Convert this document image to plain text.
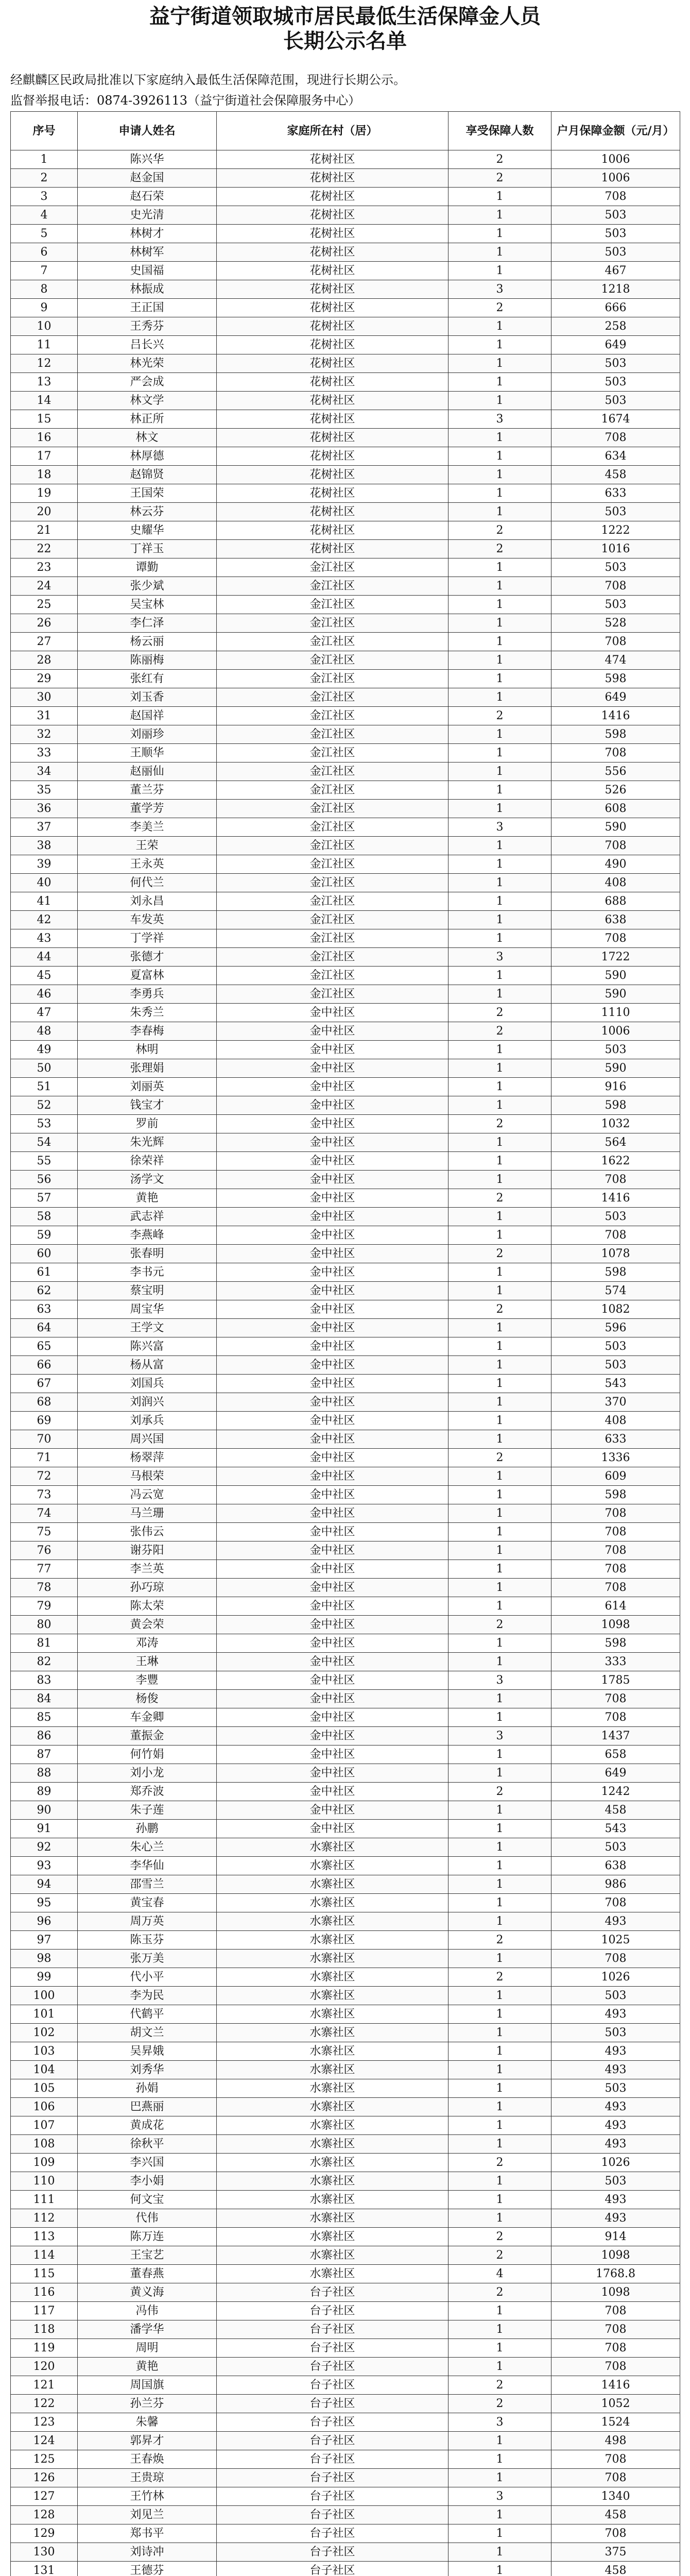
益宁街道领取城市居民最低生活保障金人员
长期公示名单
经麒麟区民政局批准以下家庭纳入最低生活保障范围，现进行长期公示。
监督举报电话：0874-3926113（益宁街道社会保障服务中心）
序号	申请人姓名	家庭所在村（居）	享受保障人数	户月保障金额（元/月）
1	陈兴华	花树社区	2	1006
2	赵金国	花树社区	2	1006
3	赵石荣	花树社区	1	708
4	史光清	花树社区	1	503
5	林树才	花树社区	1	503
6	林树军	花树社区	1	503
7	史国福	花树社区	1	467
8	林振成	花树社区	3	1218
9	王正国	花树社区	2	666
10	王秀芬	花树社区	1	258
11	吕长兴	花树社区	1	649
12	林光荣	花树社区	1	503
13	严会成	花树社区	1	503
14	林文学	花树社区	1	503
15	林正所	花树社区	3	1674
16	林文	花树社区	1	708
17	林厚德	花树社区	1	634
18	赵锦贤	花树社区	1	458
19	王国荣	花树社区	1	633
20	林云芬	花树社区	1	503
21	史耀华	花树社区	2	1222
22	丁祥玉	花树社区	2	1016
23	谭勤	金江社区	1	503
24	张少斌	金江社区	1	708
25	吴宝林	金江社区	1	503
26	李仁泽	金江社区	1	528
27	杨云丽	金江社区	1	708
28	陈丽梅	金江社区	1	474
29	张红有	金江社区	1	598
30	刘玉香	金江社区	1	649
31	赵国祥	金江社区	2	1416
32	刘丽珍	金江社区	1	598
33	王顺华	金江社区	1	708
34	赵丽仙	金江社区	1	556
35	董兰芬	金江社区	1	526
36	董学芳	金江社区	1	608
37	李美兰	金江社区	3	590
38	王荣	金江社区	1	708
39	王永英	金江社区	1	490
40	何代兰	金江社区	1	408
41	刘永昌	金江社区	1	688
42	车发英	金江社区	1	638
43	丁学祥	金江社区	1	708
44	张德才	金江社区	3	1722
45	夏富林	金江社区	1	590
46	李勇兵	金江社区	1	590
47	朱秀兰	金中社区	2	1110
48	李春梅	金中社区	2	1006
49	林明	金中社区	1	503
50	张理娟	金中社区	1	590
51	刘丽英	金中社区	1	916
52	钱宝才	金中社区	1	598
53	罗前	金中社区	2	1032
54	朱光辉	金中社区	1	564
55	徐荣祥	金中社区	1	1622
56	汤学文	金中社区	1	708
57	黄艳	金中社区	2	1416
58	武志祥	金中社区	1	503
59	李燕峰	金中社区	1	708
60	张春明	金中社区	2	1078
61	李书元	金中社区	1	598
62	蔡宝明	金中社区	1	574
63	周宝华	金中社区	2	1082
64	王学文	金中社区	1	596
65	陈兴富	金中社区	1	503
66	杨从富	金中社区	1	503
67	刘国兵	金中社区	1	543
68	刘润兴	金中社区	1	370
69	刘承兵	金中社区	1	408
70	周兴国	金中社区	1	633
71	杨翠萍	金中社区	2	1336
72	马根荣	金中社区	1	609
73	冯云宽	金中社区	1	598
74	马兰珊	金中社区	1	708
75	张伟云	金中社区	1	708
76	谢芬阳	金中社区	1	708
77	李兰英	金中社区	1	708
78	孙巧琼	金中社区	1	708
79	陈太荣	金中社区	1	614
80	黄会荣	金中社区	2	1098
81	邓涛	金中社区	1	598
82	王琳	金中社区	1	333
83	李豐	金中社区	3	1785
84	杨俊	金中社区	1	708
85	车金卿	金中社区	1	708
86	董振金	金中社区	3	1437
87	何竹娟	金中社区	1	658
88	刘小龙	金中社区	1	649
89	郑乔波	金中社区	2	1242
90	朱子莲	金中社区	1	458
91	孙鹏	金中社区	1	543
92	朱心兰	水寨社区	1	503
93	李华仙	水寨社区	1	638
94	邵雪兰	水寨社区	1	986
95	黄宝春	水寨社区	1	708
96	周万英	水寨社区	1	493
97	陈玉芬	水寨社区	2	1025
98	张万美	水寨社区	1	708
99	代小平	水寨社区	2	1026
100	李为民	水寨社区	1	503
101	代鹤平	水寨社区	1	493
102	胡文兰	水寨社区	1	503
103	吴昇娥	水寨社区	1	493
104	刘秀华	水寨社区	1	493
105	孙娟	水寨社区	1	503
106	巴燕丽	水寨社区	1	493
107	黄成花	水寨社区	1	493
108	徐秋平	水寨社区	1	493
109	李兴国	水寨社区	2	1026
110	李小娟	水寨社区	1	503
111	何文宝	水寨社区	1	493
112	代伟	水寨社区	1	493
113	陈万连	水寨社区	2	914
114	王宝艺	水寨社区	2	1098
115	董春燕	水寨社区	4	1768.8
116	黄义海	台子社区	2	1098
117	冯伟	台子社区	1	708
118	潘学华	台子社区	1	708
119	周明	台子社区	1	708
120	黄艳	台子社区	1	708
121	周国旗	台子社区	2	1416
122	孙兰芬	台子社区	2	1052
123	朱馨	台子社区	3	1524
124	郭昇才	台子社区	1	498
125	王春焕	台子社区	1	708
126	王贵琼	台子社区	1	708
127	王竹林	台子社区	3	1340
128	刘见兰	台子社区	1	458
129	郑书平	台子社区	1	708
130	刘诗冲	台子社区	1	375
131	王德芬	台子社区	1	458
